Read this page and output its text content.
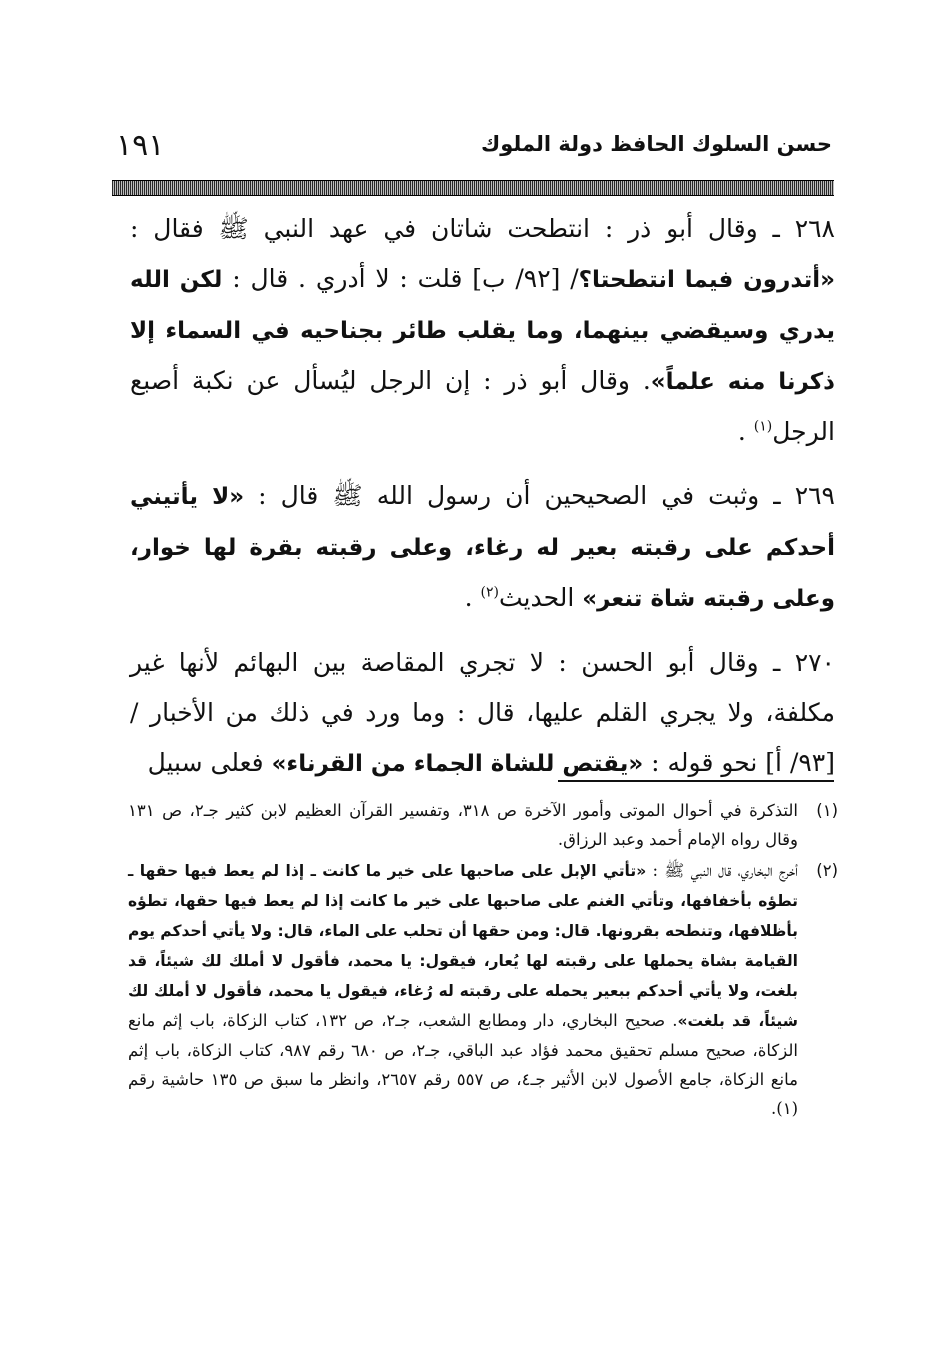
حسن السلوك الحافظ دولة الملوك
١٩١

٢٦٨ ـ وقال أبو ذر : انتطحت شاتان في عهد النبي ﷺ فقال : «أتدرون فيما انتطحتا؟/ [٩٢/ ب] قلت : لا أدري . قال : لكن الله يدري وسيقضي بينهما، وما يقلب طائر بجناحيه في السماء إلا ذكرنا منه علماً». وقال أبو ذر : إن الرجل ليُسأل عن نكبة أصبع الرجل$^{(١)}$ .

٢٦٩ ـ وثبت في الصحيحين أن رسول الله ﷺ قال : «لا يأتيني أحدكم على رقبته بعير له رغاء، وعلى رقبته بقرة لها خوار، وعلى رقبته شاة تنعر» الحديث$^{(٢)}$ .

٢٧٠ ـ وقال أبو الحسن : لا تجري المقاصة بين البهائم لأنها غير مكلفة، ولا يجري القلم عليها، قال : وما ورد في ذلك من الأخبار / [٩٣/ أ] نحو قوله : «يقتص للشاة الجماء من القرناء» فعلى سبيل

(١)
التذكرة في أحوال الموتى وأمور الآخرة ص ٣١٨، وتفسير القرآن العظيم لابن كثير جـ٢، ص ١٣١ وقال رواه الإمام أحمد وعبد الرزاق.
(٢)
أخرج البخاري، قال النبي ﷺ : «تأتي الإبل على صاحبها على خير ما كانت ـ إذا لم يعط فيها حقها ـ تطؤه بأخفافها، وتأتي الغنم على صاحبها على خير ما كانت إذا لم يعط فيها حقها، تطؤه بأظلافها، وتنطحه بقرونها. قال: ومن حقها أن تحلب على الماء، قال: ولا يأتي أحدكم يوم القيامة بشاة يحملها على رقبته لها يُعار، فيقول: يا محمد، فأقول لا أملك لك شيئاً، قد بلغت، ولا يأتي أحدكم ببعير يحمله على رقبته له رُغاء، فيقول يا محمد، فأقول لا أملك لك شيئاً، قد بلغت». صحيح البخاري، دار ومطابع الشعب، جـ٢، ص ١٣٢، كتاب الزكاة، باب إثم مانع الزكاة، صحيح مسلم تحقيق محمد فؤاد عبد الباقي، جـ٢، ص ٦٨٠ رقم ٩٨٧، كتاب الزكاة، باب إثم مانع الزكاة، جامع الأصول لابن الأثير جـ٤، ص ٥٥٧ رقم ٢٦٥٧، وانظر ما سبق ص ١٣٥ حاشية رقم (١).
